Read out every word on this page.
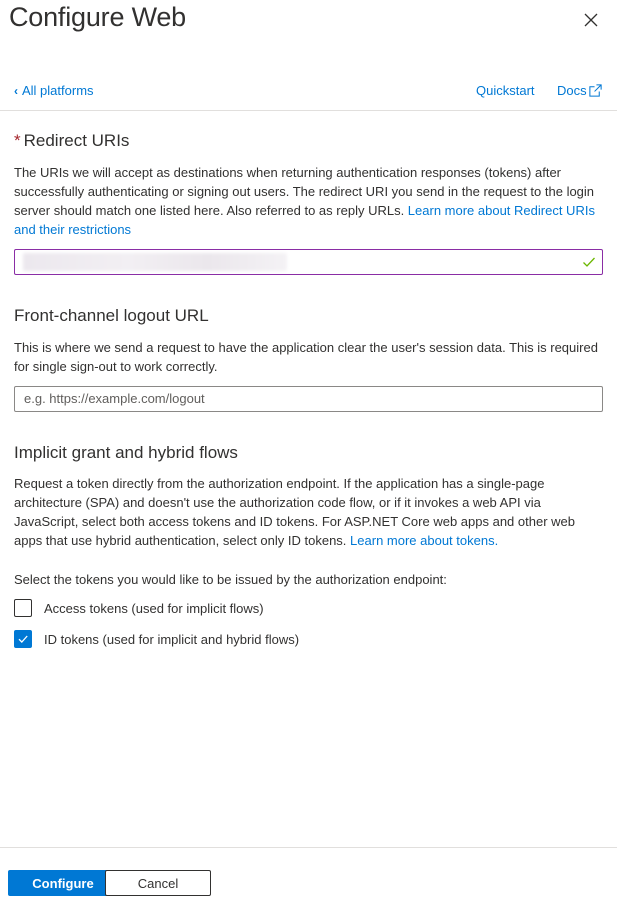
Configure Web
‹ All platforms	Quickstart Docs
* Redirect URIs
The URIs we will accept as destinations when returning authentication responses (tokens) after successfully authenticating or signing out users. The redirect URI you send in the request to the login server should match one listed here. Also referred to as reply URLs. Learn more about Redirect URIs and their restrictions
Front-channel logout URL
This is where we send a request to have the application clear the user's session data. This is required for single sign-out to work correctly.
e.g. https://example.com/logout
Implicit grant and hybrid flows
Request a token directly from the authorization endpoint. If the application has a single-page architecture (SPA) and doesn't use the authorization code flow, or if it invokes a web API via JavaScript, select both access tokens and ID tokens. For ASP.NET Core web apps and other web apps that use hybrid authentication, select only ID tokens. Learn more about tokens.
Select the tokens you would like to be issued by the authorization endpoint:
Access tokens (used for implicit flows)
ID tokens (used for implicit and hybrid flows)
Configure	Cancel
